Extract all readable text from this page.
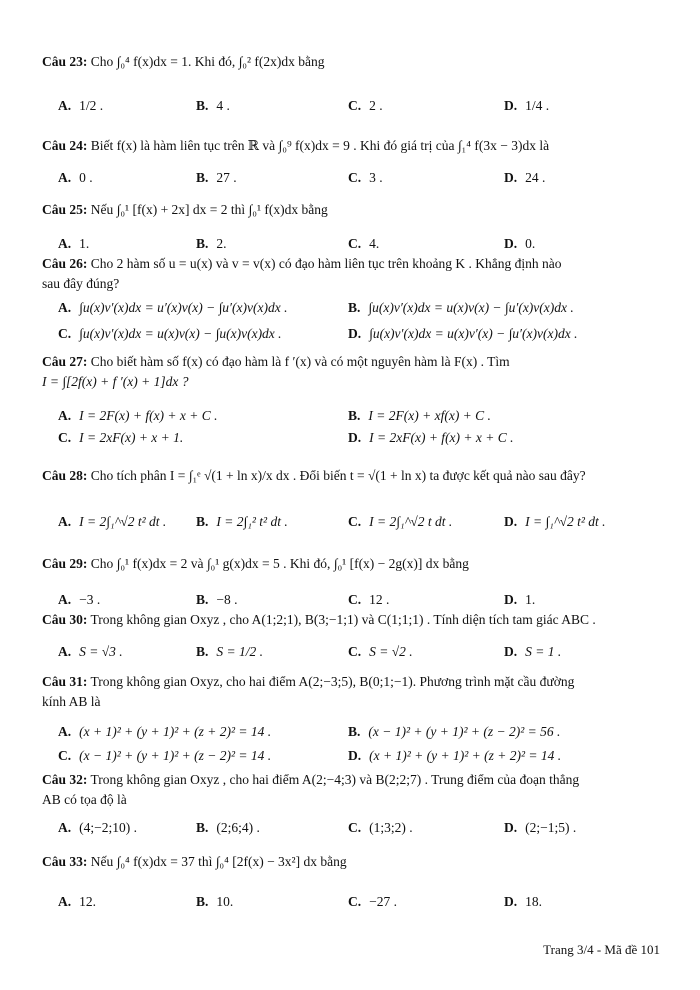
Câu 23: Cho ∫₀⁴ f(x)dx = 1. Khi đó, ∫₀² f(2x)dx bằng
A. 1/2 .	B. 4 .	C. 2 .	D. 1/4 .
Câu 24: Biết f(x) là hàm liên tục trên ℝ và ∫₀⁹ f(x)dx = 9 . Khi đó giá trị của ∫₁⁴ f(3x − 3)dx là
A. 0 .	B. 27 .	C. 3 .	D. 24 .
Câu 25: Nếu ∫₀¹ [f(x) + 2x] dx = 2 thì ∫₀¹ f(x)dx bằng
A. 1.	B. 2.	C. 4.	D. 0.
Câu 26: Cho 2 hàm số u = u(x) và v = v(x) có đạo hàm liên tục trên khoảng K . Khẳng định nào
sau đây đúng?
A. ∫u(x)v′(x)dx = u′(x)v(x) − ∫u′(x)v(x)dx .	B. ∫u(x)v′(x)dx = u(x)v(x) − ∫u′(x)v(x)dx .
C. ∫u(x)v′(x)dx = u(x)v(x) − ∫u(x)v(x)dx .	D. ∫u(x)v′(x)dx = u(x)v′(x) − ∫u′(x)v(x)dx .
Câu 27: Cho biết hàm số f(x) có đạo hàm là f ′(x) và có một nguyên hàm là F(x) . Tìm
I = ∫[2f(x) + f ′(x) + 1]dx ?
A. I = 2F(x) + f(x) + x + C .	B. I = 2F(x) + xf(x) + C .
C. I = 2xF(x) + x + 1.	D. I = 2xF(x) + f(x) + x + C .
Câu 28: Cho tích phân I = ∫₁ᵉ √(1 + ln x)/x dx . Đổi biến t = √(1 + ln x) ta được kết quả nào sau đây?
A. I = 2∫₁^√2 t² dt . B. I = 2∫₁² t² dt .	C. I = 2∫₁^√2 t dt .	D. I = ∫₁^√2 t² dt .
Câu 29: Cho ∫₀¹ f(x)dx = 2 và ∫₀¹ g(x)dx = 5 . Khi đó, ∫₀¹ [f(x) − 2g(x)] dx bằng
A. −3 .	B. −8 .	C. 12 .	D. 1.
Câu 30: Trong không gian Oxyz , cho A(1;2;1), B(3;−1;1) và C(1;1;1) . Tính diện tích tam giác ABC .
A. S = √3 .	B. S = 1/2 .	C. S = √2 .	D. S = 1 .
Câu 31: Trong không gian Oxyz, cho hai điểm A(2;−3;5), B(0;1;−1). Phương trình mặt cầu đường
kính AB là
A. (x + 1)² + (y + 1)² + (z + 2)² = 14 .	B. (x − 1)² + (y + 1)² + (z − 2)² = 56 .
C. (x − 1)² + (y + 1)² + (z − 2)² = 14 .	D. (x + 1)² + (y + 1)² + (z + 2)² = 14 .
Câu 32: Trong không gian Oxyz , cho hai điểm A(2;−4;3) và B(2;2;7) . Trung điểm của đoạn thẳng
AB có tọa độ là
A. (4;−2;10) .	B. (2;6;4) .	C. (1;3;2) .	D. (2;−1;5) .
Câu 33: Nếu ∫₀⁴ f(x)dx = 37 thì ∫₀⁴ [2f(x) − 3x²] dx bằng
A. 12.	B. 10.	C. −27 .	D. 18.
Trang 3/4 - Mã đề 101
